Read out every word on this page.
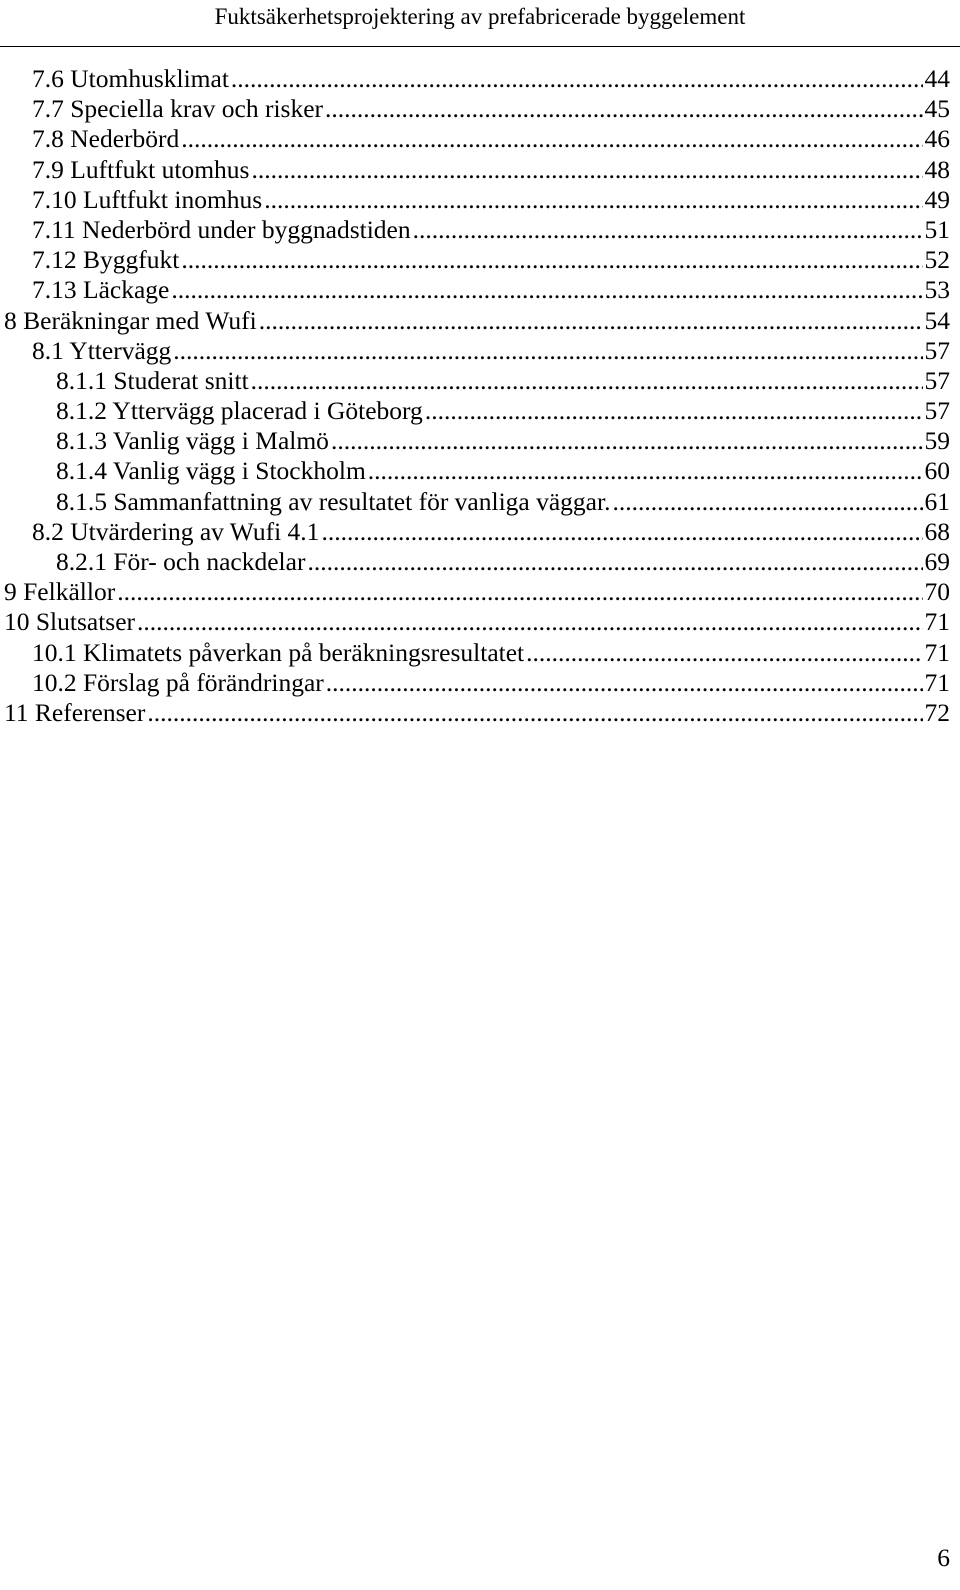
Fuktsäkerhetsprojektering av prefabricerade byggelement
7.6 Utomhusklimat .....	44
7.7 Speciella krav och risker .....	45
7.8 Nederbörd .....	46
7.9 Luftfukt utomhus .....	48
7.10 Luftfukt inomhus .....	49
7.11 Nederbörd under byggnadstiden .....	51
7.12 Byggfukt .....	52
7.13 Läckage .....	53
8 Beräkningar med Wufi .....	54
8.1 Yttervägg .....	57
8.1.1 Studerat snitt .....	57
8.1.2 Yttervägg placerad i Göteborg .....	57
8.1.3 Vanlig vägg i Malmö .....	59
8.1.4 Vanlig vägg i Stockholm .....	60
8.1.5 Sammanfattning av resultatet för vanliga väggar. .....	61
8.2 Utvärdering av Wufi 4.1 .....	68
8.2.1 För- och nackdelar .....	69
9 Felkällor .....	70
10 Slutsatser .....	71
10.1 Klimatets påverkan på beräkningsresultatet .....	71
10.2 Förslag på förändringar .....	71
11 Referenser .....	72
6
